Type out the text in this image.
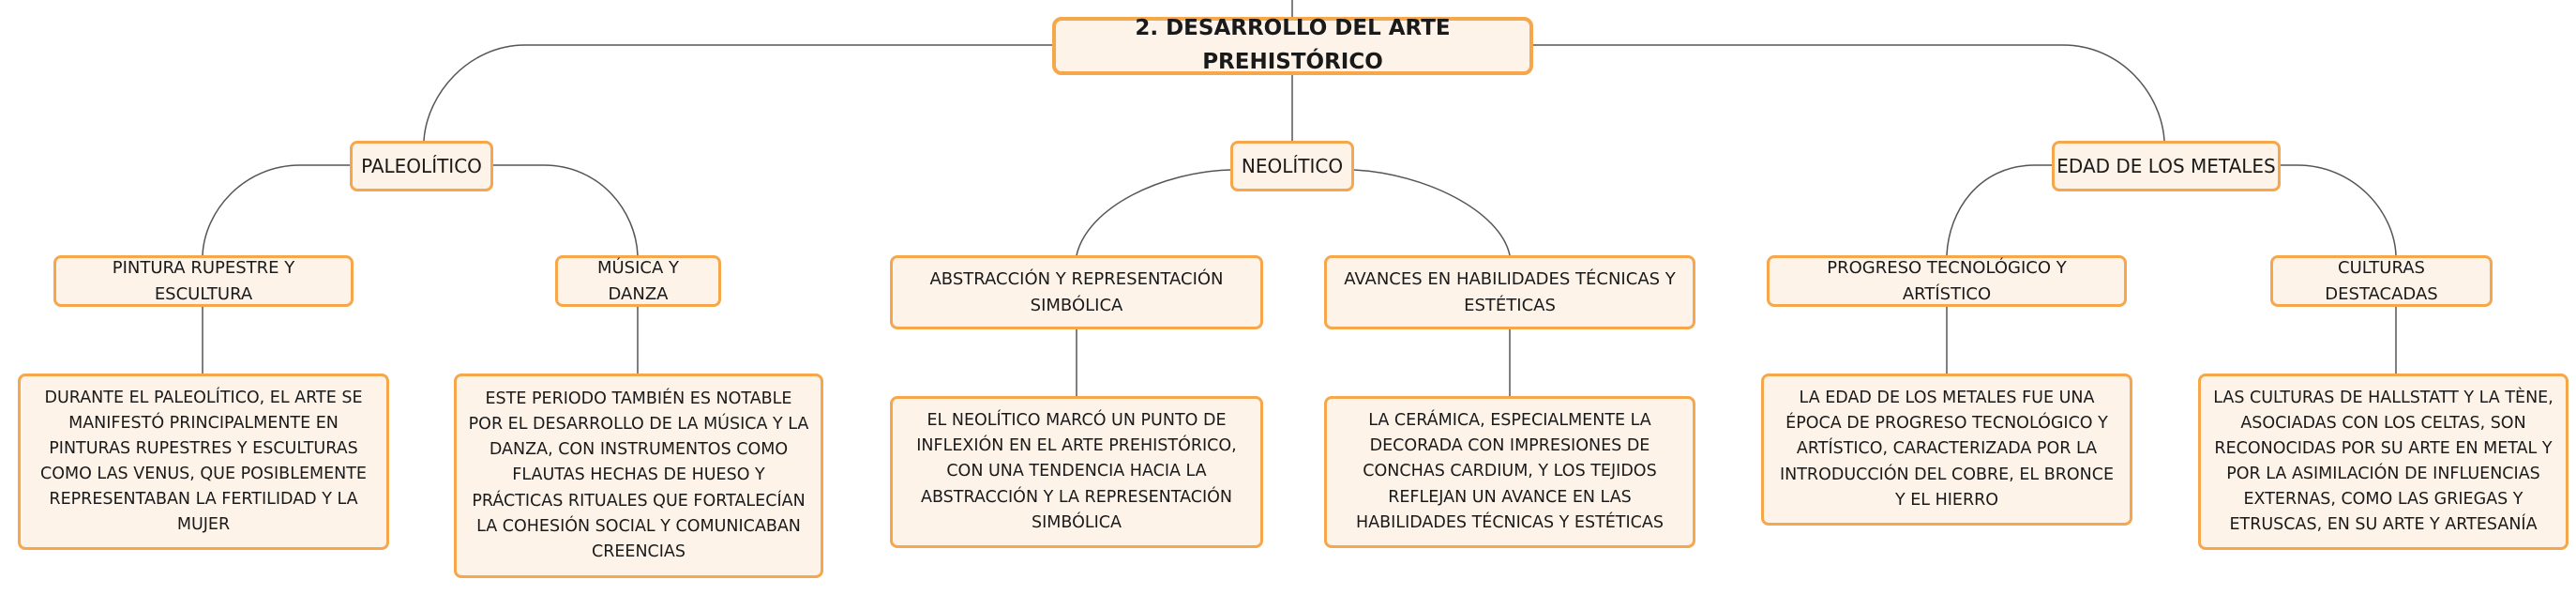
2. DESARROLLO DEL ARTE PREHISTÓRICO
PALEOLÍTICO	NEOLÍTICO	EDAD DE LOS METALES
PINTURA RUPESTRE Y ESCULTURA
MÚSICA Y DANZA
ABSTRACCIÓN Y REPRESENTACIÓN SIMBÓLICA
AVANCES EN HABILIDADES TÉCNICAS Y ESTÉTICAS
PROGRESO TECNOLÓGICO Y ARTÍSTICO
CULTURAS DESTACADAS
DURANTE EL PALEOLÍTICO, EL ARTE SE MANIFESTÓ PRINCIPALMENTE EN PINTURAS RUPESTRES Y ESCULTURAS COMO LAS VENUS, QUE POSIBLEMENTE REPRESENTABAN LA FERTILIDAD Y LA MUJER
ESTE PERIODO TAMBIÉN ES NOTABLE POR EL DESARROLLO DE LA MÚSICA Y LA DANZA, CON INSTRUMENTOS COMO FLAUTAS HECHAS DE HUESO Y PRÁCTICAS RITUALES QUE FORTALECÍAN LA COHESIÓN SOCIAL Y COMUNICABAN CREENCIAS
EL NEOLÍTICO MARCÓ UN PUNTO DE INFLEXIÓN EN EL ARTE PREHISTÓRICO, CON UNA TENDENCIA HACIA LA ABSTRACCIÓN Y LA REPRESENTACIÓN SIMBÓLICA
LA CERÁMICA, ESPECIALMENTE LA DECORADA CON IMPRESIONES DE CONCHAS CARDIUM, Y LOS TEJIDOS REFLEJAN UN AVANCE EN LAS HABILIDADES TÉCNICAS Y ESTÉTICAS
LA EDAD DE LOS METALES FUE UNA ÉPOCA DE PROGRESO TECNOLÓGICO Y ARTÍSTICO, CARACTERIZADA POR LA INTRODUCCIÓN DEL COBRE, EL BRONCE Y EL HIERRO
LAS CULTURAS DE HALLSTATT Y LA TÈNE, ASOCIADAS CON LOS CELTAS, SON RECONOCIDAS POR SU ARTE EN METAL Y POR LA ASIMILACIÓN DE INFLUENCIAS EXTERNAS, COMO LAS GRIEGAS Y ETRUSCAS, EN SU ARTE Y ARTESANÍA
